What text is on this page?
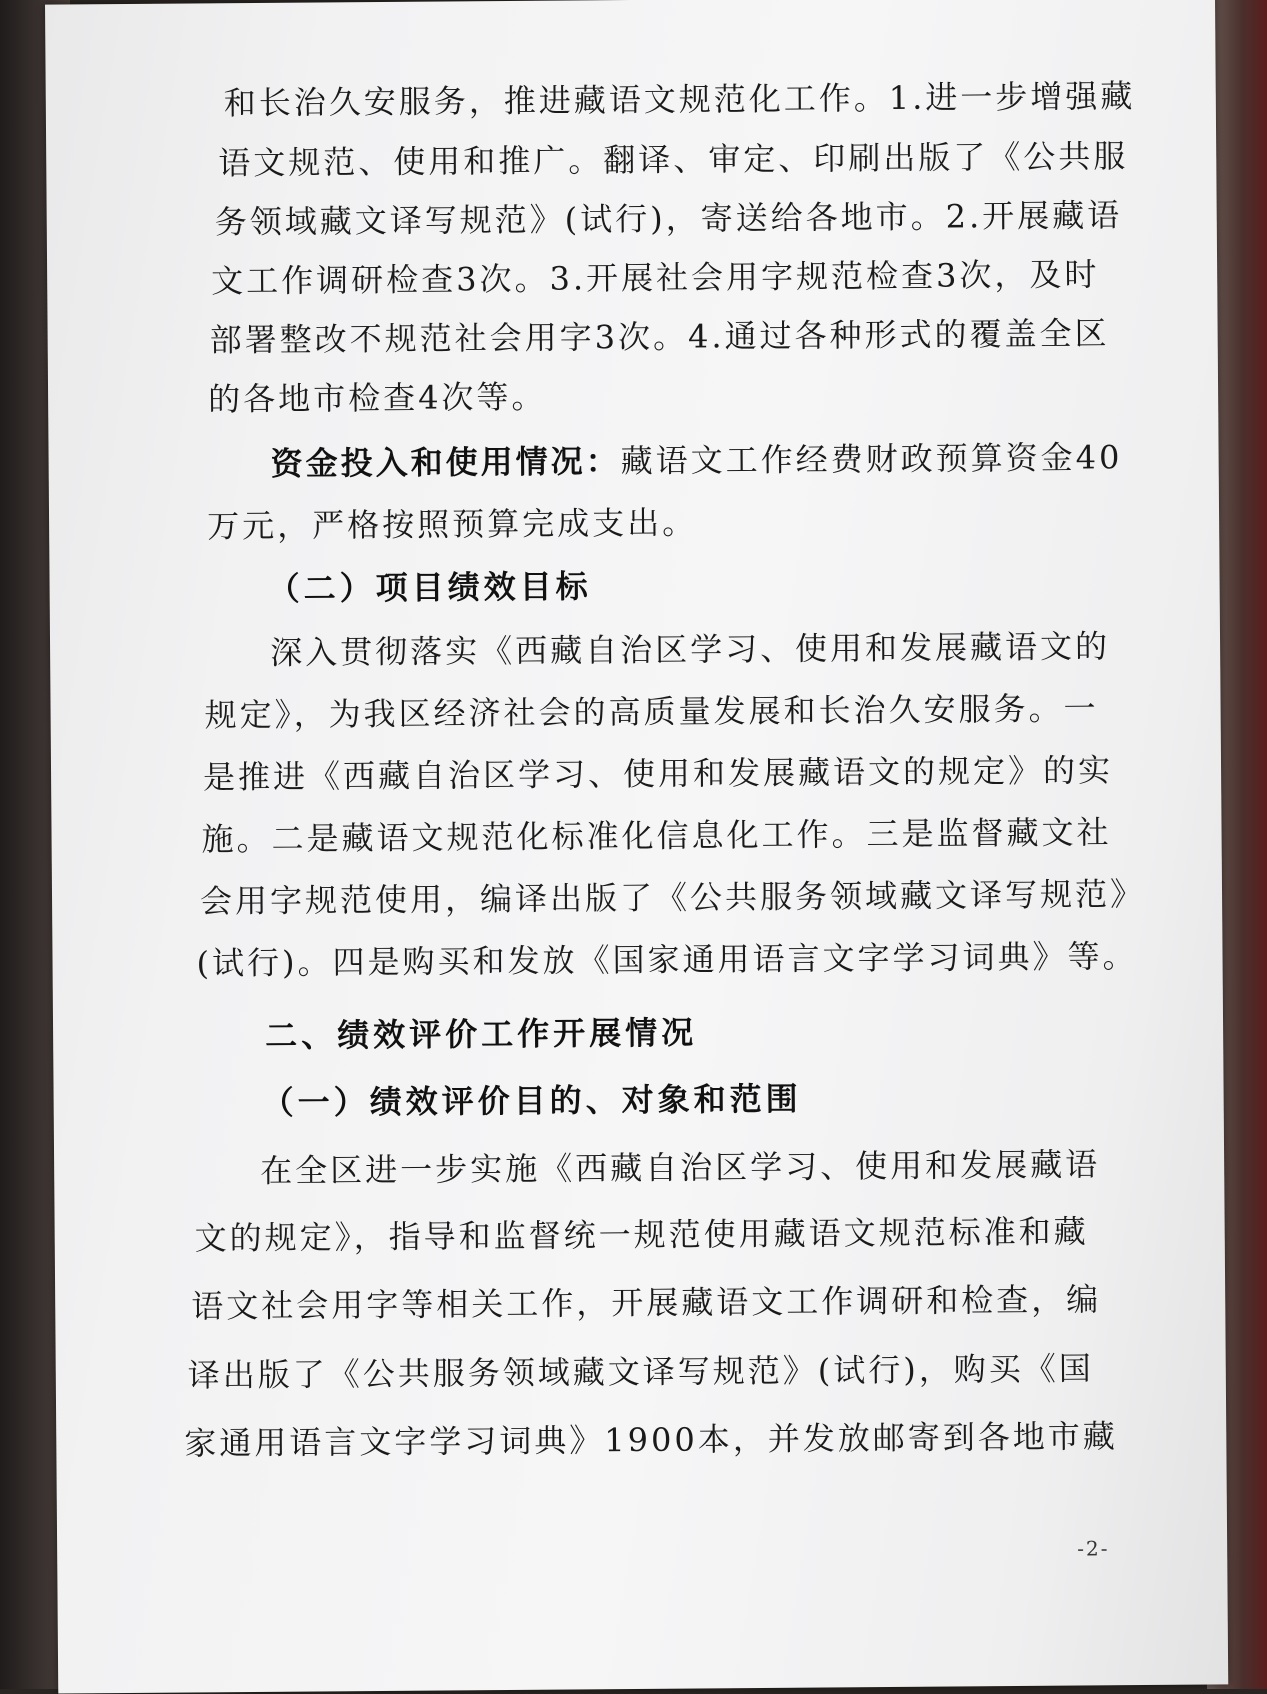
和长治久安服务，推进藏语文规范化工作。1.进一步增强藏
语文规范、使用和推广。翻译、审定、印刷出版了《公共服
务领域藏文译写规范》(试行)，寄送给各地市。2.开展藏语
文工作调研检查3次。3.开展社会用字规范检查3次，及时
部署整改不规范社会用字3次。4.通过各种形式的覆盖全区
的各地市检查4次等。
资金投入和使用情况：藏语文工作经费财政预算资金40
万元，严格按照预算完成支出。
（二）项目绩效目标
深入贯彻落实《西藏自治区学习、使用和发展藏语文的
规定》，为我区经济社会的高质量发展和长治久安服务。一
是推进《西藏自治区学习、使用和发展藏语文的规定》的实
施。二是藏语文规范化标准化信息化工作。三是监督藏文社
会用字规范使用，编译出版了《公共服务领域藏文译写规范》
(试行)。四是购买和发放《国家通用语言文字学习词典》等。
二、绩效评价工作开展情况
（一）绩效评价目的、对象和范围
在全区进一步实施《西藏自治区学习、使用和发展藏语
文的规定》，指导和监督统一规范使用藏语文规范标准和藏
语文社会用字等相关工作，开展藏语文工作调研和检查，编
译出版了《公共服务领域藏文译写规范》(试行)，购买《国
家通用语言文字学习词典》1900本，并发放邮寄到各地市藏
-2-
